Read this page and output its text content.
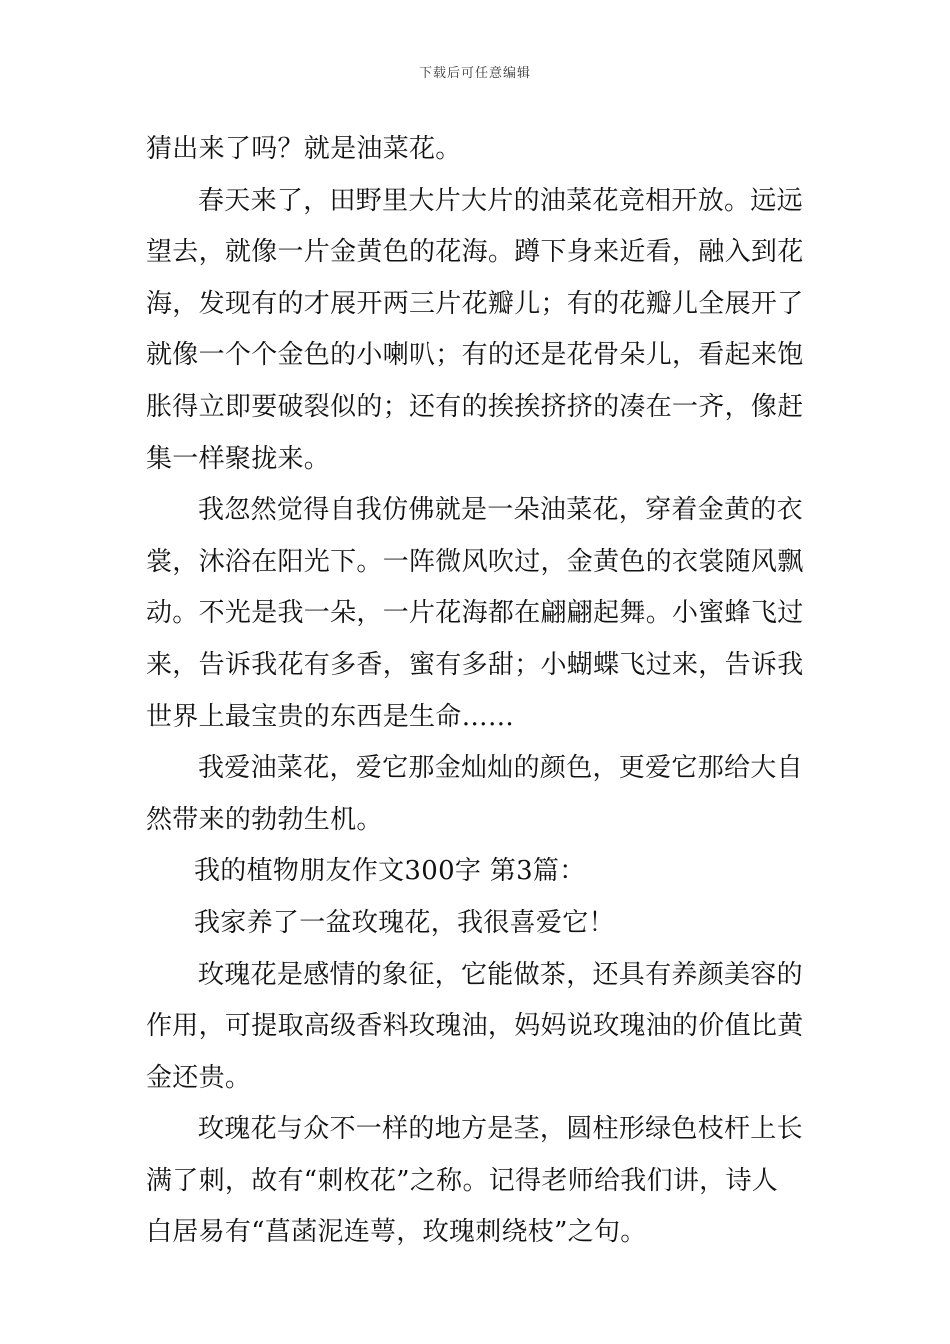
下载后可任意编辑
猜出来了吗？就是油菜花。
春天来了，田野里大片大片的油菜花竞相开放。远远
望去，就像一片金黄色的花海。蹲下身来近看，融入到花
海，发现有的才展开两三片花瓣儿；有的花瓣儿全展开了
就像一个个金色的小喇叭；有的还是花骨朵儿，看起来饱
胀得立即要破裂似的；还有的挨挨挤挤的凑在一齐，像赶
集一样聚拢来。
我忽然觉得自我仿佛就是一朵油菜花，穿着金黄的衣
裳，沐浴在阳光下。一阵微风吹过，金黄色的衣裳随风飘
动。不光是我一朵，一片花海都在翩翩起舞。小蜜蜂飞过
来，告诉我花有多香，蜜有多甜；小蝴蝶飞过来，告诉我
世界上最宝贵的东西是生命……
我爱油菜花，爱它那金灿灿的颜色，更爱它那给大自
然带来的勃勃生机。
我的植物朋友作文300字 第3篇：
我家养了一盆玫瑰花，我很喜爱它！
玫瑰花是感情的象征，它能做茶，还具有养颜美容的
作用，可提取高级香料玫瑰油，妈妈说玫瑰油的价值比黄
金还贵。
玫瑰花与众不一样的地方是茎，圆柱形绿色枝杆上长
满了刺，故有“刺枚花”之称。记得老师给我们讲，诗人
白居易有“菖菡泥连萼，玫瑰刺绕枝”之句。
